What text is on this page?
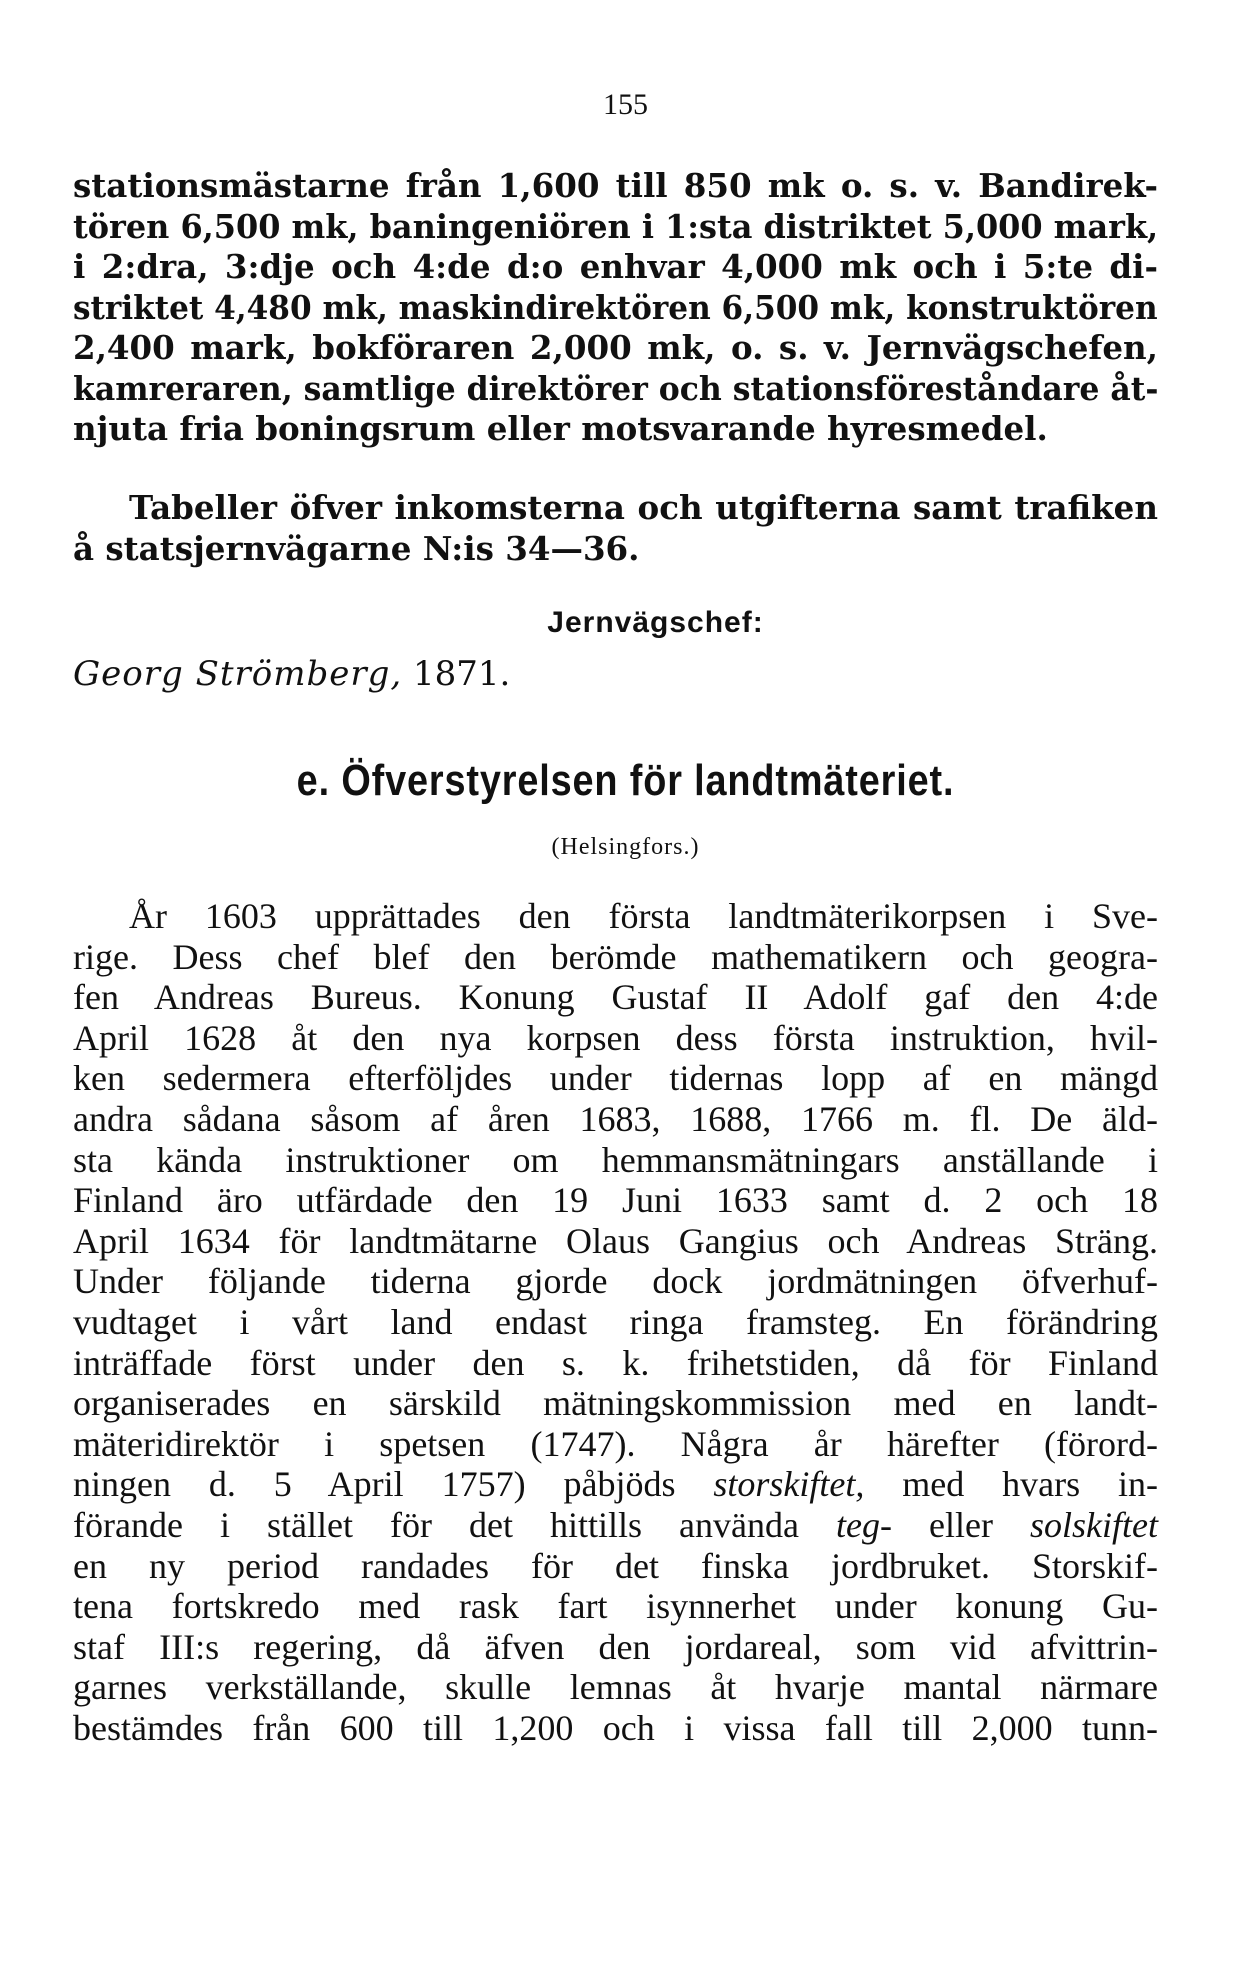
155
stationsmästarne från 1,600 till 850 mk o. s. v. Bandirek-
tören 6,500 mk, baningeniören i 1:sta distriktet 5,000 mark,
i 2:dra, 3:dje och 4:de d:o enhvar 4,000 mk och i 5:te di-
striktet 4,480 mk, maskindirektören 6,500 mk, konstruktören
2,400 mark, bokföraren 2,000 mk, o. s. v. Jernvägschefen,
kamreraren, samtlige direktörer och stationsföreståndare åt-
njuta fria boningsrum eller motsvarande hyresmedel.
Tabeller öfver inkomsterna och utgifterna samt trafiken
å statsjernvägarne N:is 34—36.
Jernvägschef:
Georg Strömberg, 1871.
e. Öfverstyrelsen för landtmäteriet.
(Helsingfors.)
År 1603 upprättades den första landtmäterikorpsen i Sve-
rige. Dess chef blef den berömde mathematikern och geogra-
fen Andreas Bureus. Konung Gustaf II Adolf gaf den 4:de
April 1628 åt den nya korpsen dess första instruktion, hvil-
ken sedermera efterföljdes under tidernas lopp af en mängd
andra sådana såsom af åren 1683, 1688, 1766 m. fl. De äld-
sta kända instruktioner om hemmansmätningars anställande i
Finland äro utfärdade den 19 Juni 1633 samt d. 2 och 18
April 1634 för landtmätarne Olaus Gangius och Andreas Sträng.
Under följande tiderna gjorde dock jordmätningen öfverhuf-
vudtaget i vårt land endast ringa framsteg. En förändring
inträffade först under den s. k. frihetstiden, då för Finland
organiserades en särskild mätningskommission med en landt-
mäteridirektör i spetsen (1747). Några år härefter (förord-
ningen d. 5 April 1757) påbjöds storskiftet, med hvars in-
förande i stället för det hittills använda teg- eller solskiftet
en ny period randades för det finska jordbruket. Storskif-
tena fortskredo med rask fart isynnerhet under konung Gu-
staf III:s regering, då äfven den jordareal, som vid afvittrin-
garnes verkställande, skulle lemnas åt hvarje mantal närmare
bestämdes från 600 till 1,200 och i vissa fall till 2,000 tunn-
